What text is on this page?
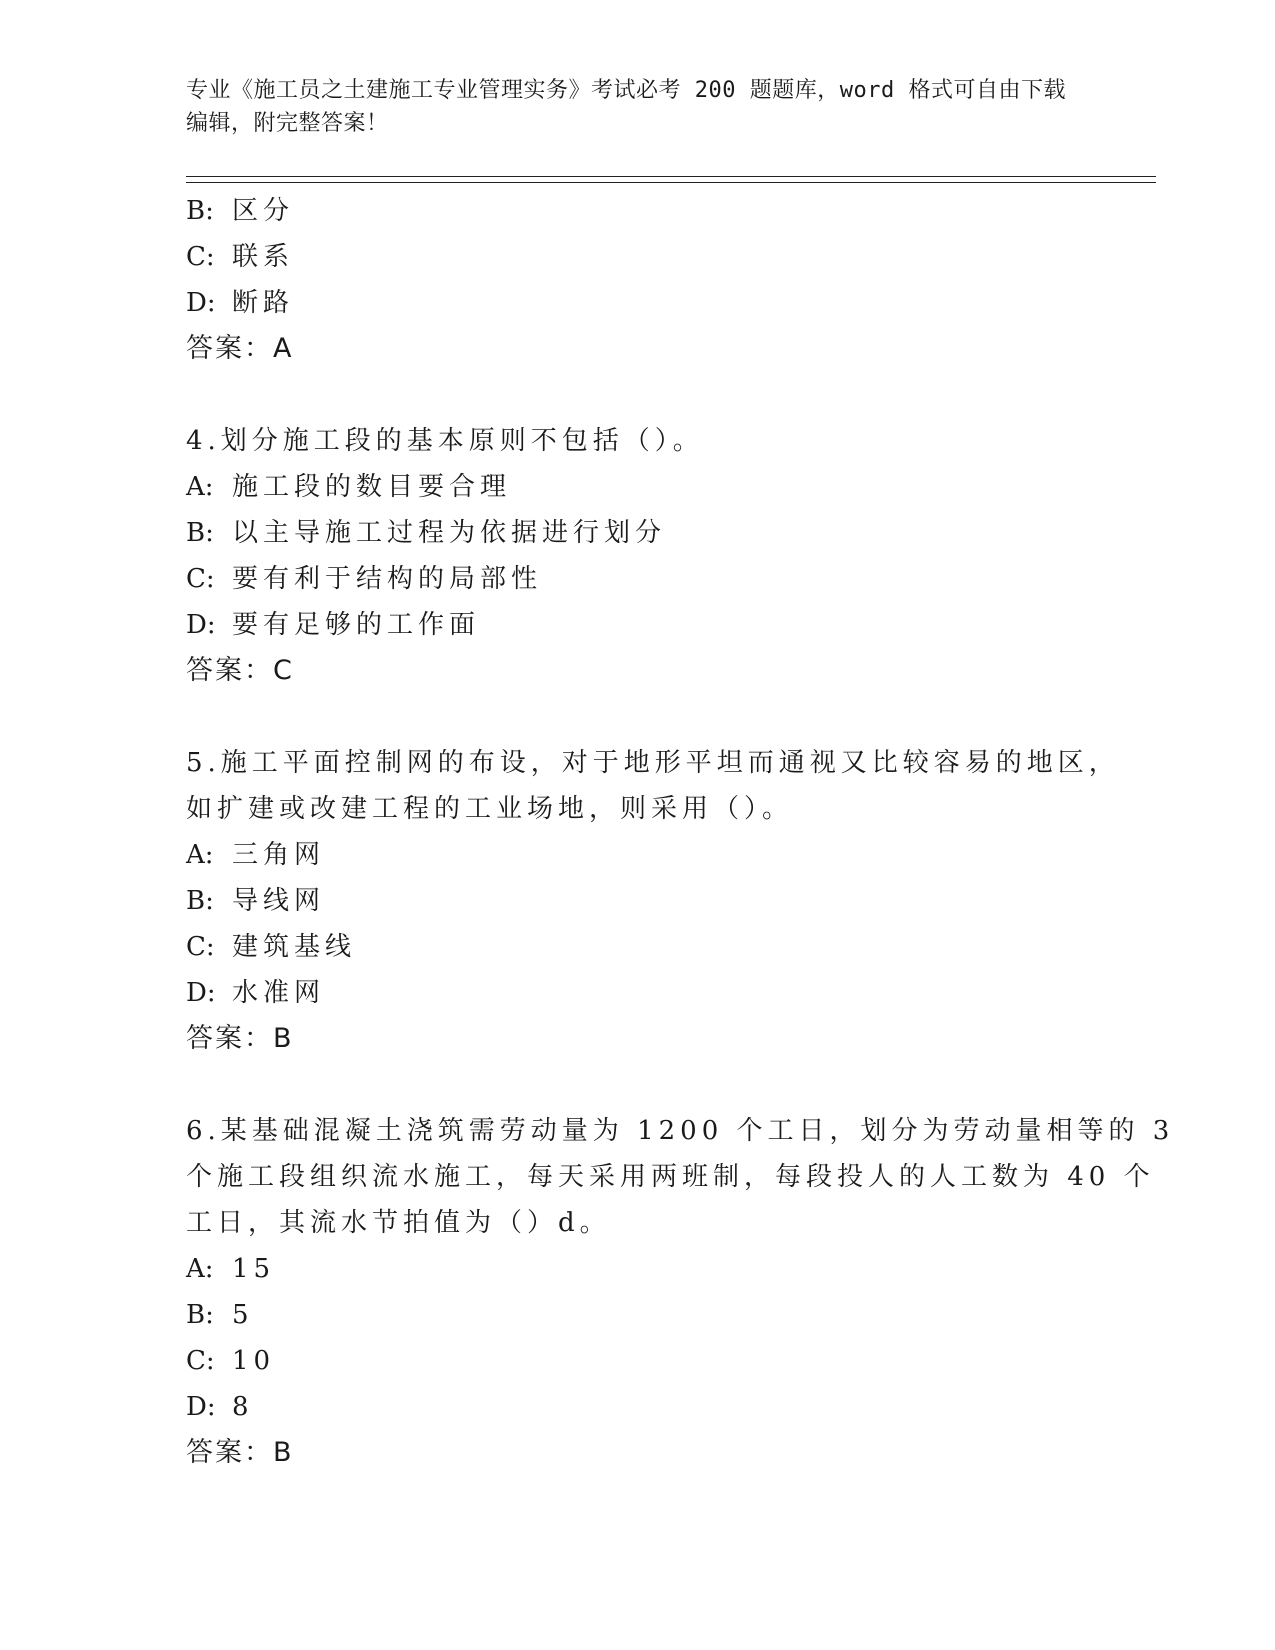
专业《施工员之土建施工专业管理实务》考试必考 200 题题库，word 格式可自由下载编辑，附完整答案！
B: 区分
C: 联系
D: 断路
答案：A
4.划分施工段的基本原则不包括（）。
A: 施工段的数目要合理
B: 以主导施工过程为依据进行划分
C: 要有利于结构的局部性
D: 要有足够的工作面
答案：C
5.施工平面控制网的布设，对于地形平坦而通视又比较容易的地区，
如扩建或改建工程的工业场地，则采用（）。
A: 三角网
B: 导线网
C: 建筑基线
D: 水准网
答案：B
6.某基础混凝土浇筑需劳动量为 1200 个工日，划分为劳动量相等的 3
个施工段组织流水施工，每天采用两班制，每段投人的人工数为 40 个
工日，其流水节拍值为（）d。
A: 15
B: 5
C: 10
D: 8
答案：B
